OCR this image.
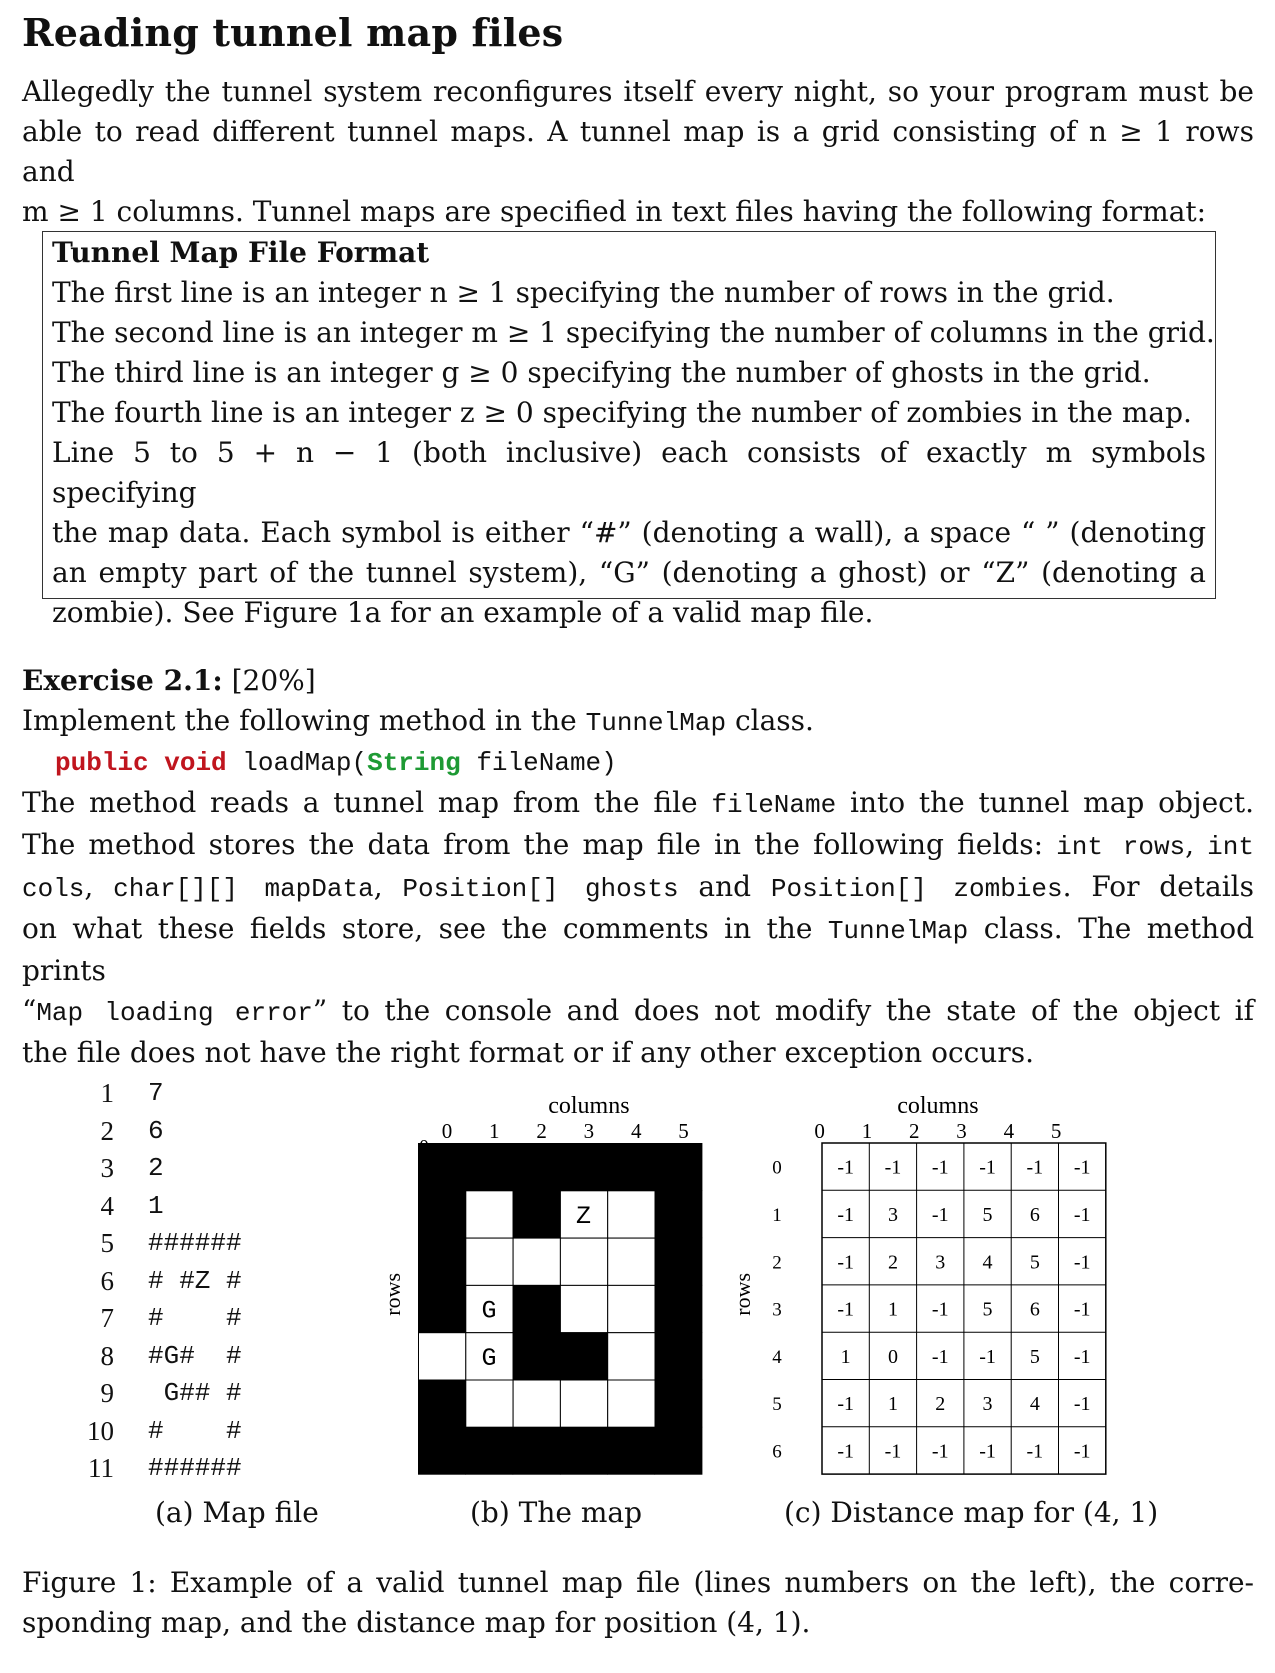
Reading tunnel map files
Allegedly the tunnel system reconfigures itself every night, so your program must be
able to read different tunnel maps. A tunnel map is a grid consisting of n ≥ 1 rows and
m ≥ 1 columns. Tunnel maps are specified in text files having the following format:
Tunnel Map File Format
The first line is an integer n ≥ 1 specifying the number of rows in the grid.
The second line is an integer m ≥ 1 specifying the number of columns in the grid.
The third line is an integer g ≥ 0 specifying the number of ghosts in the grid.
The fourth line is an integer z ≥ 0 specifying the number of zombies in the map.
Line 5 to 5 + n − 1 (both inclusive) each consists of exactly m symbols specifying
the map data. Each symbol is either “#” (denoting a wall), a space “ ” (denoting
an empty part of the tunnel system), “G” (denoting a ghost) or “Z” (denoting a
zombie). See Figure 1a for an example of a valid map file.
Exercise 2.1: [20%]
Implement the following method in the TunnelMap class.
public void loadMap(String fileName)
The method reads a tunnel map from the file fileName into the tunnel map object.
The method stores the data from the map file in the following fields: int rows, int
cols, char[][] mapData, Position[] ghosts and Position[] zombies. For details
on what these fields store, see the comments in the TunnelMap class. The method prints
“Map loading error” to the console and does not modify the state of the object if
the file does not have the right format or if any other exception occurs.
1 7
2 6
3 2
4 1
5 ######
6 # #Z #
7 #    #
8 #G#  #
9 G## #
10 #    #
11 ######
(a) Map file
columns
0 1 2 3 4 5
rows
Z
G
G
(b) The map
columns
0 1 2 3 4 5
0
1
2
3
4
5
6
rows
-1 -1 -1 -1 -1 -1
-1 3 -1 5 6 -1
-1 2 3 4 5 -1
-1 1 -1 5 6 -1
1 0 -1 -1 5 -1
-1 1 2 3 4 -1
-1 -1 -1 -1 -1 -1
(c) Distance map for (4, 1)
Figure 1: Example of a valid tunnel map file (lines numbers on the left), the corre-
sponding map, and the distance map for position (4, 1).
